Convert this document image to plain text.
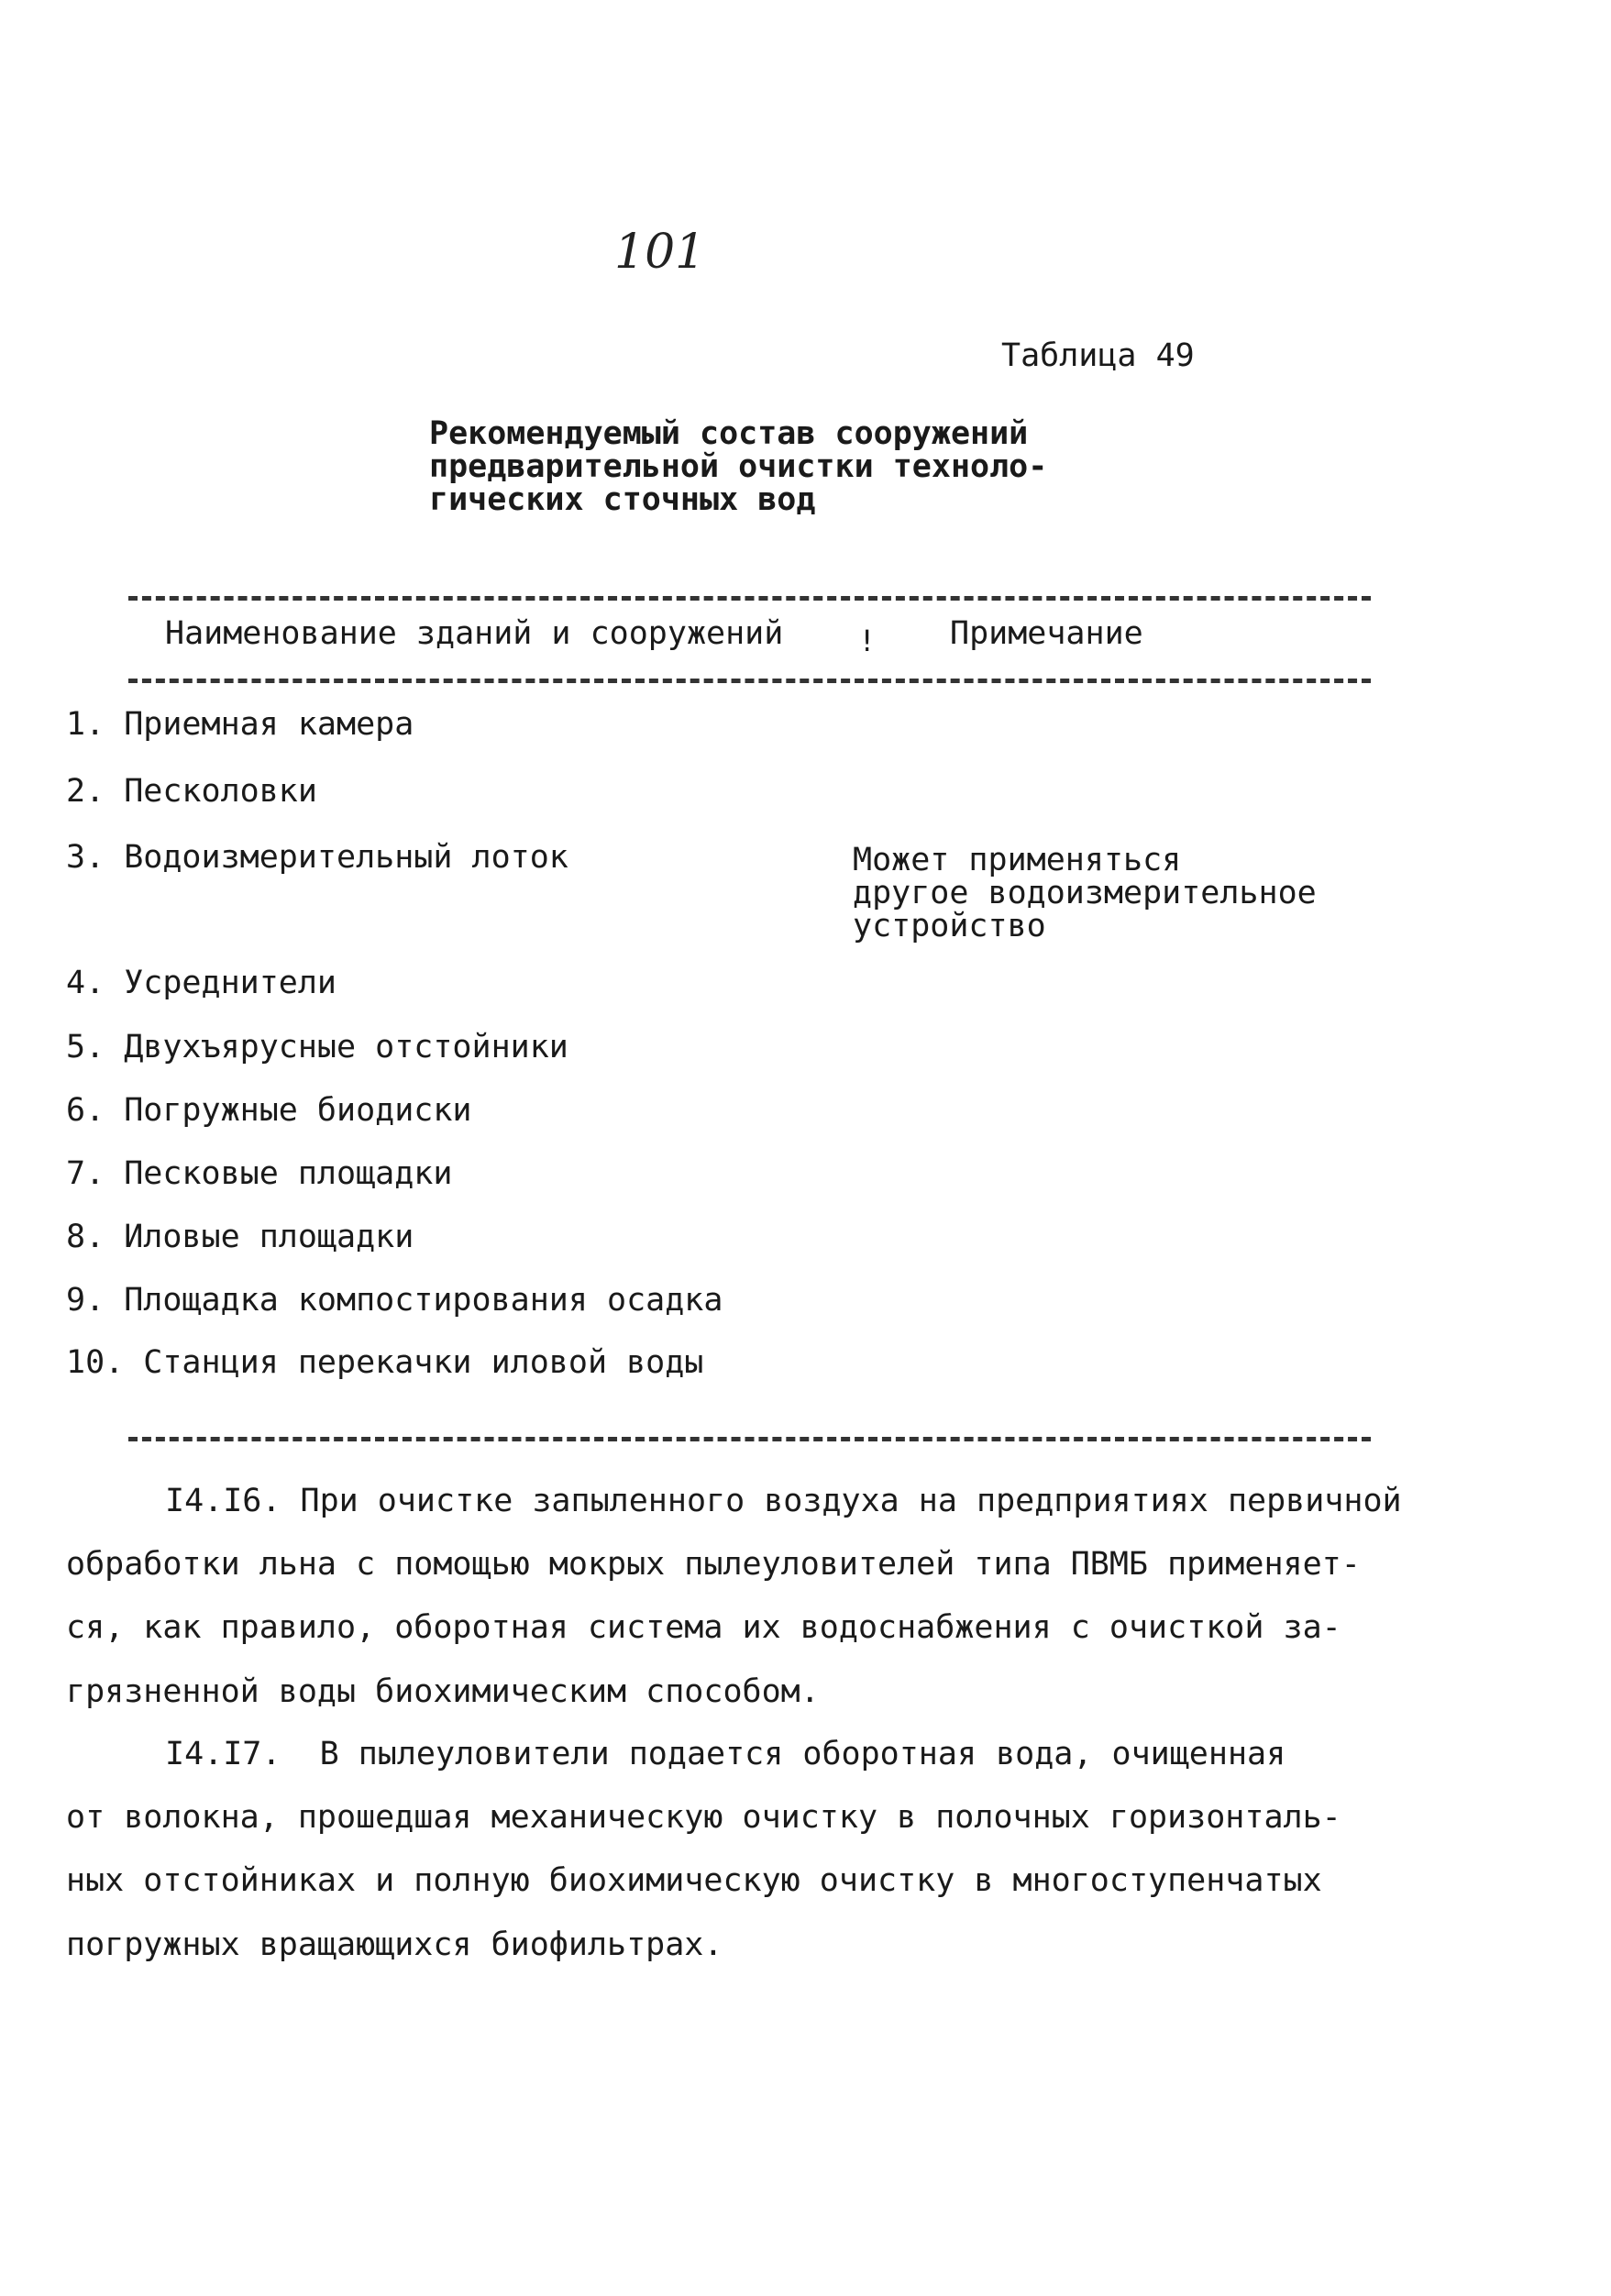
101
Таблица 49
Рекомендуемый состав сооружений
предварительной очистки техноло-
гических сточных вод
Наименование зданий и сооружений	! Примечание
1. Приемная камера
2. Песколовки
3. Водоизмерительный лоток	Может применяться
другое водоизмерительное
устройство
4. Усреднители
5. Двухъярусные отстойники
6. Погружные биодиски
7. Песковые площадки
8. Иловые площадки
9. Площадка компостирования осадка
10. Станция перекачки иловой воды
I4.I6. При очистке запыленного воздуха на предприятиях первичной
обработки льна с помощью мокрых пылеуловителей типа ПВМБ применяет-
ся, как правило, оборотная система их водоснабжения с очисткой за-
грязненной воды биохимическим способом.
I4.I7.  В пылеуловители подается оборотная вода, очищенная
от волокна, прошедшая механическую очистку в полочных горизонталь-
ных отстойниках и полную биохимическую очистку в многоступенчатых
погружных вращающихся биофильтрах.
